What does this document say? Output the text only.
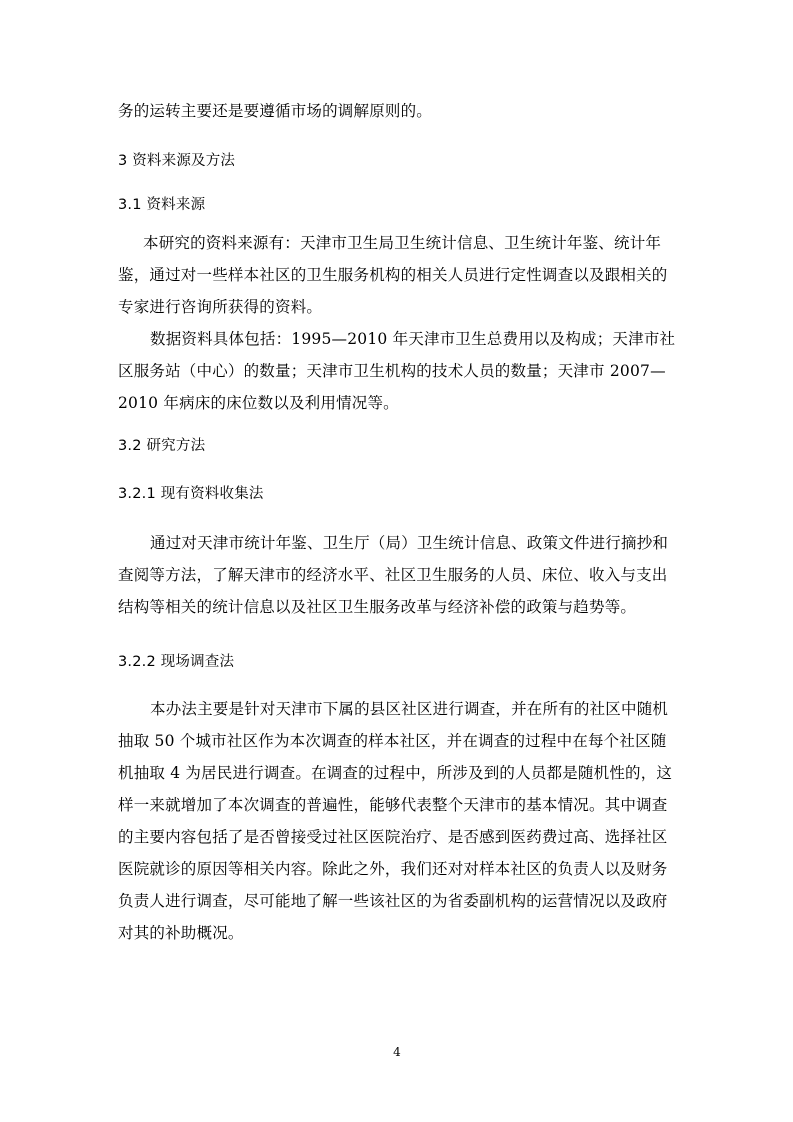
务的运转主要还是要遵循市场的调解原则的。
3 资料来源及方法
3.1 资料来源
本研究的资料来源有：天津市卫生局卫生统计信息、卫生统计年鉴、统计年
鉴，通过对一些样本社区的卫生服务机构的相关人员进行定性调查以及跟相关的
专家进行咨询所获得的资料。
数据资料具体包括：1995—2010 年天津市卫生总费用以及构成；天津市社
区服务站（中心）的数量；天津市卫生机构的技术人员的数量；天津市 2007—
2010 年病床的床位数以及利用情况等。
3.2 研究方法
3.2.1 现有资料收集法
通过对天津市统计年鉴、卫生厅（局）卫生统计信息、政策文件进行摘抄和
查阅等方法，了解天津市的经济水平、社区卫生服务的人员、床位、收入与支出
结构等相关的统计信息以及社区卫生服务改革与经济补偿的政策与趋势等。
3.2.2 现场调查法
本办法主要是针对天津市下属的县区社区进行调查，并在所有的社区中随机
抽取 50 个城市社区作为本次调查的样本社区，并在调查的过程中在每个社区随
机抽取 4 为居民进行调查。在调查的过程中，所涉及到的人员都是随机性的，这
样一来就增加了本次调查的普遍性，能够代表整个天津市的基本情况。其中调查
的主要内容包括了是否曾接受过社区医院治疗、是否感到医药费过高、选择社区
医院就诊的原因等相关内容。除此之外，我们还对对样本社区的负责人以及财务
负责人进行调查，尽可能地了解一些该社区的为省委副机构的运营情况以及政府
对其的补助概况。
4
